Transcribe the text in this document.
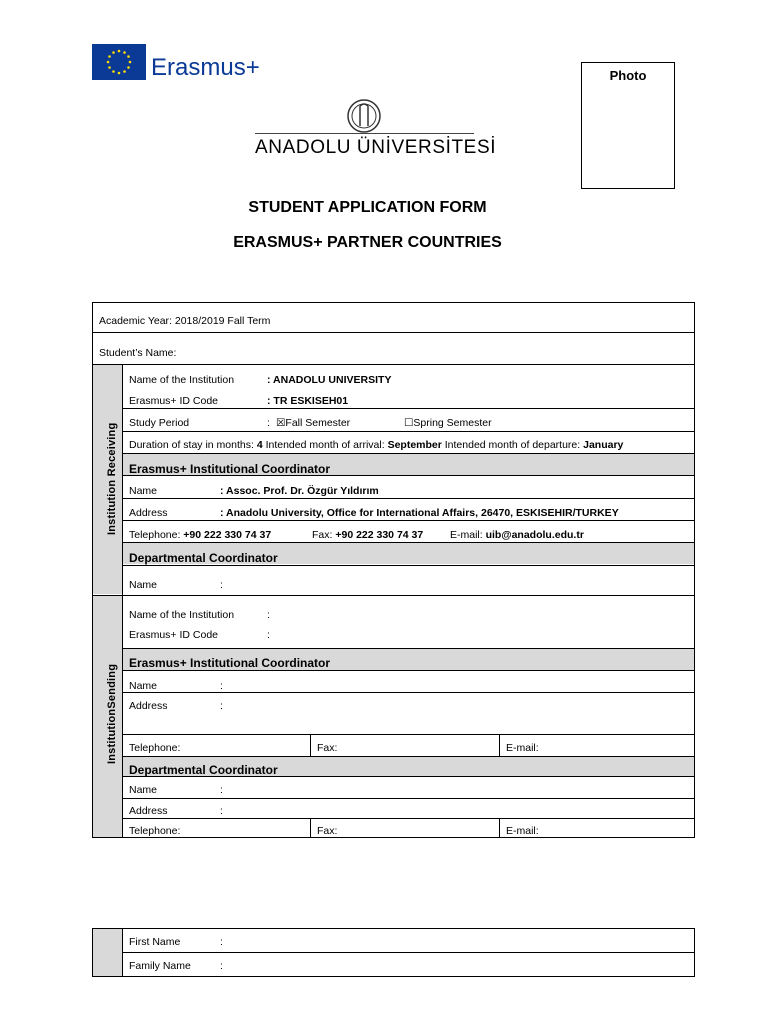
Erasmus+
ANADOLU ÜNİVERSİTESİ
Photo
STUDENT APPLICATION FORM
ERASMUS+ PARTNER COUNTRIES
Institution Receiving
InstitutionSending
Academic Year: 2018/2019 Fall Term
Student’s Name:
Name of the Institution	: ANADOLU UNIVERSITY
Erasmus+ ID Code	: TR ESKISEH01
Study Period	: ☒Fall Semester	☐Spring Semester
Duration of stay in months: 4 Intended month of arrival: September Intended month of departure: January
Erasmus+ Institutional Coordinator
Name	: Assoc. Prof. Dr. Özgür Yıldırım
Address	: Anadolu University, Office for International Affairs, 26470, ESKISEHIR/TURKEY
Telephone: +90 222 330 74 37	Fax: +90 222 330 74 37	E-mail: uib@anadolu.edu.tr
Departmental Coordinator
Name	:
Name of the Institution	:
Erasmus+ ID Code	:
Erasmus+ Institutional Coordinator
Name	:
Address	:
Telephone:	Fax:	E-mail:
Departmental Coordinator
Name	:
Address	:
Telephone:	Fax:	E-mail:
First Name	:
Family Name	:
